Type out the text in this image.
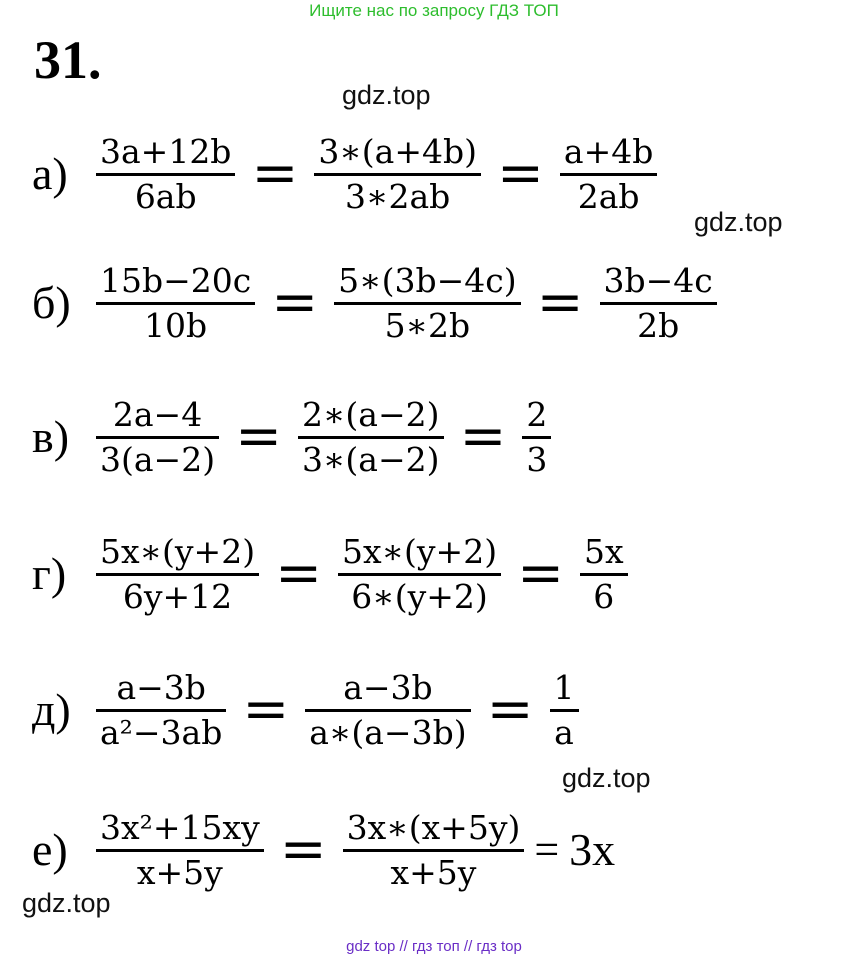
Ищите нас по запросу ГДЗ ТОП
31.
gdz.top
gdz.top
gdz.top
gdz.top
$а) \frac{3a+12b}{6ab} = \frac{3∗(a+4b)}{3∗2ab} = \frac{a+4b}{2ab}$
$б) \frac{15b-20c}{10b} = \frac{5∗(3b-4c)}{5∗2b} = \frac{3b-4c}{2b}$
$в) \frac{2a-4}{3(a-2)} = \frac{2∗(a-2)}{3∗(a-2)} = \frac{2}{3}$
$г) \frac{5x∗(y+2)}{6y+12} = \frac{5x∗(y+2)}{6∗(y+2)} = \frac{5x}{6}$
$д) \frac{a-3b}{\text{a²−3ab}} = \frac{a-3b}{a∗(a-3b)} = \frac{1}{a}$
$е) \frac{\text{3x²+15xy}}{x+5y} = \frac{3x∗(x+5y)}{x+5y} = 3x$
gdz top // гдз топ // гдз top
